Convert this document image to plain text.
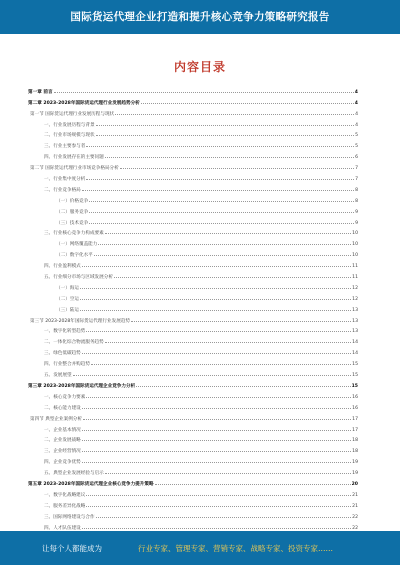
国际货运代理企业打造和提升核心竞争力策略研究报告
内容目录
第一章 前言	4
第二章 2023-2028年国际货运代理行业发展趋势分析	4
第一节 国际货运代理行业发展历程与现状	4
一、行业发展历程与背景	4
二、行业市场规模与现状	5
三、行业主要参与者	5
四、行业发展存在的主要问题	6
第二节 国际货运代理行业市场竞争格局分析	7
一、行业集中度分析	7
二、行业竞争格局	8
（一）价格竞争	8
（二）服务竞争	9
（三）技术竞争	9
三、行业核心竞争力构成要素	10
（一）网络覆盖能力	10
（二）数字化水平	10
四、行业盈利模式	11
五、行业细分市场与区域发展分析	11
（一）海运	12
（二）空运	12
（三）陆运	13
第三节 2023-2028年国际货运代理行业发展趋势	13
一、数字化转型趋势	13
二、一体化综合物流服务趋势	14
三、绿色低碳趋势	14
四、行业整合并购趋势	15
五、发展展望	15
第三章 2023-2028年国际货运代理企业竞争力分析	15
一、核心竞争力要素	16
二、核心能力建设	16
第四节 典型企业案例分析	17
一、企业基本情况	17
二、企业发展战略	18
三、企业经营情况	18
四、企业竞争优势	19
五、典型企业发展经验与启示	19
第五章 2023-2028年国际货运代理企业核心竞争力提升策略	20
一、数字化战略建议	21
二、服务差异化战略	21
三、国际网络建设与合作	22
四、人才队伍建设	22
让每个人都能成为	行业专家、管理专家、营销专家、战略专家、投资专家……
